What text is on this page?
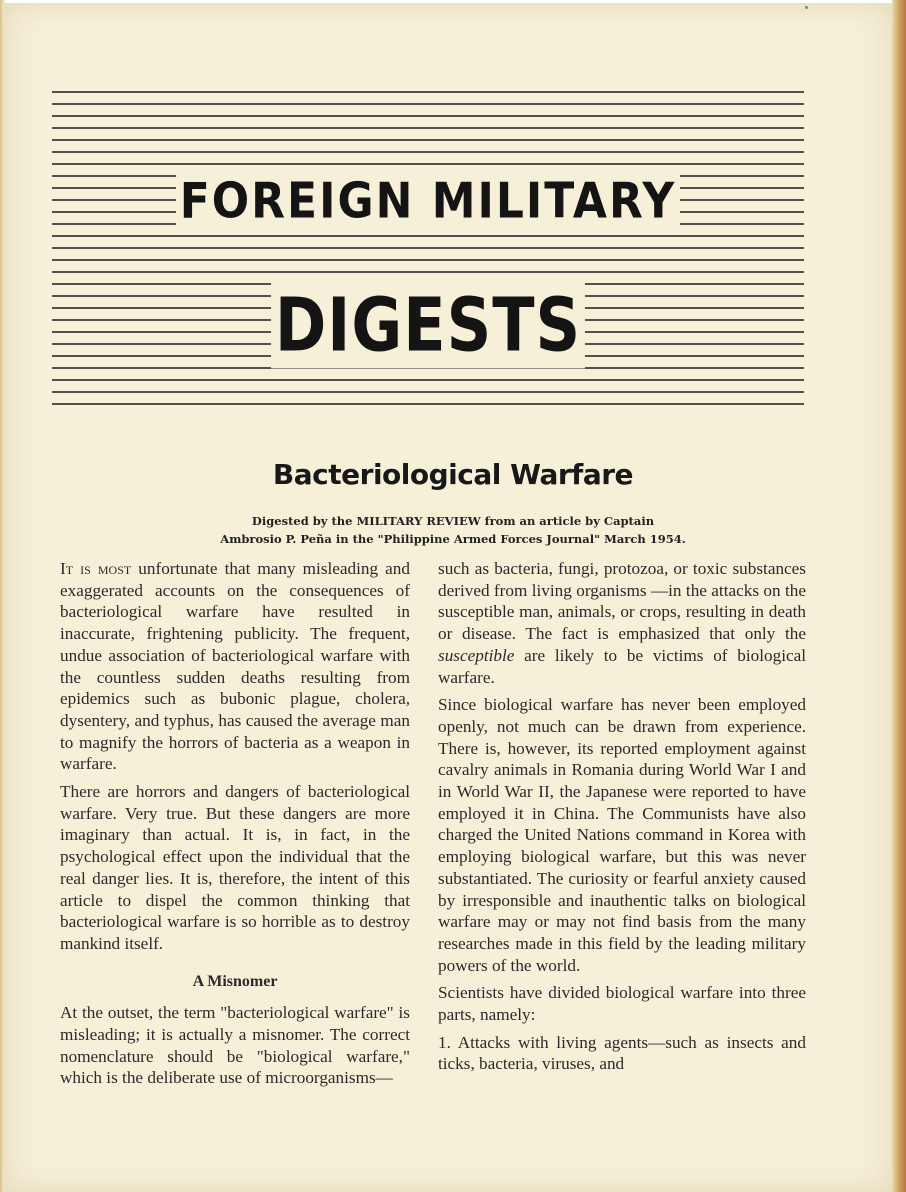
FOREIGN MILITARY
DIGESTS
Bacteriological Warfare
Digested by the MILITARY REVIEW from an article by Captain
Ambrosio P. Peña in the "Philippine Armed Forces Journal" March 1954.

It is most unfortunate that many misleading and exaggerated accounts on the consequences of bacteriological warfare have resulted in inaccurate, frightening publicity. The frequent, undue association of bacteriological warfare with the countless sudden deaths resulting from epidemics such as bubonic plague, cholera, dysentery, and typhus, has caused the average man to magnify the horrors of bacteria as a weapon in warfare.

There are horrors and dangers of bacteriological warfare. Very true. But these dangers are more imaginary than actual. It is, in fact, in the psychological effect upon the individual that the real danger lies. It is, therefore, the intent of this article to dispel the common thinking that bacteriological warfare is so horrible as to destroy mankind itself.

A Misnomer

At the outset, the term "bacteriological warfare" is misleading; it is actually a misnomer. The correct nomenclature should be "biological warfare," which is the deliberate use of microorganisms—

such as bacteria, fungi, protozoa, or toxic substances derived from living organisms —in the attacks on the susceptible man, animals, or crops, resulting in death or disease. The fact is emphasized that only the susceptible are likely to be victims of biological warfare.

Since biological warfare has never been employed openly, not much can be drawn from experience. There is, however, its reported employment against cavalry animals in Romania during World War I and in World War II, the Japanese were reported to have employed it in China. The Communists have also charged the United Nations command in Korea with employing biological warfare, but this was never substantiated. The curiosity or fearful anxiety caused by irresponsible and inauthentic talks on biological warfare may or may not find basis from the many researches made in this field by the leading military powers of the world.

Scientists have divided biological warfare into three parts, namely:

1. Attacks with living agents—such as insects and ticks, bacteria, viruses, and
